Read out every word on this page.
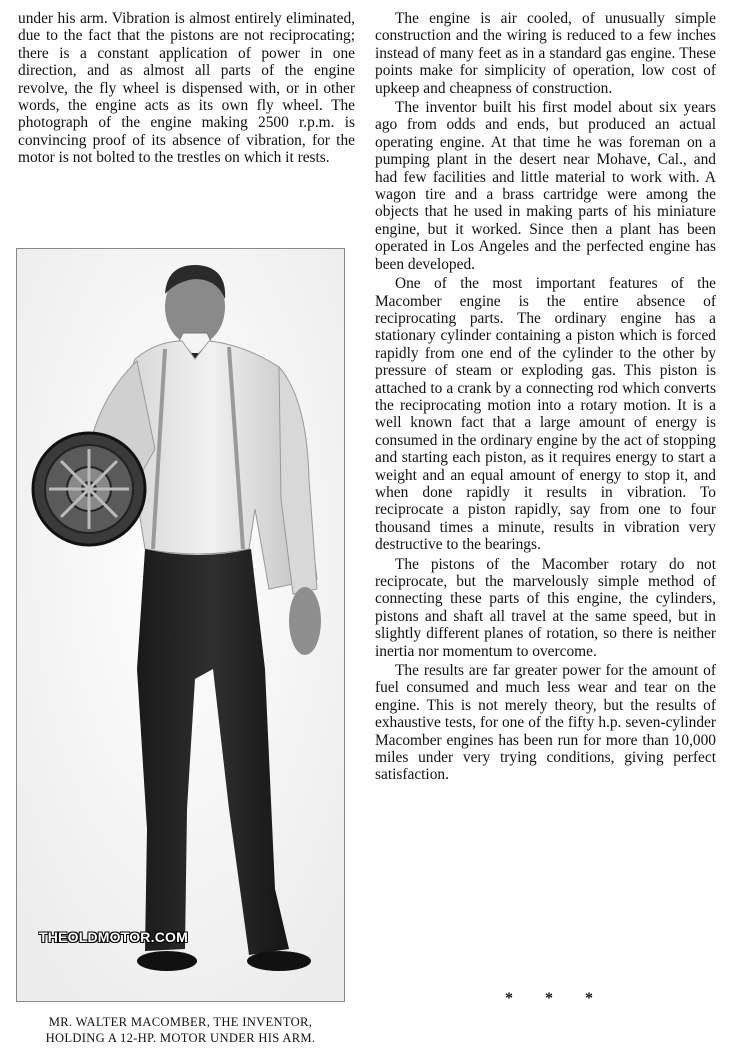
under his arm. Vibration is almost entirely eliminated, due to the fact that the pistons are not reciprocating; there is a constant application of power in one direction, and as almost all parts of the engine revolve, the fly wheel is dispensed with, or in other words, the engine acts as its own fly wheel. The photograph of the engine making 2500 r.p.m. is convincing proof of its absence of vibration, for the motor is not bolted to the trestles on which it rests.

THEOLDMOTOR.COM
MR. WALTER MACOMBER, THE INVENTOR,
HOLDING A 12-HP. MOTOR UNDER HIS ARM.

The engine is air cooled, of unusually simple construction and the wiring is reduced to a few inches instead of many feet as in a standard gas engine. These points make for simplicity of operation, low cost of upkeep and cheapness of construction.

The inventor built his first model about six years ago from odds and ends, but produced an actual operating engine. At that time he was foreman on a pumping plant in the desert near Mohave, Cal., and had few facilities and little material to work with. A wagon tire and a brass cartridge were among the objects that he used in making parts of his miniature engine, but it worked. Since then a plant has been operated in Los Angeles and the perfected engine has been developed.

One of the most important features of the Macomber engine is the entire absence of reciprocating parts. The ordinary engine has a stationary cylinder containing a piston which is forced rapidly from one end of the cylinder to the other by pressure of steam or exploding gas. This piston is attached to a crank by a connecting rod which converts the reciprocating motion into a rotary motion. It is a well known fact that a large amount of energy is consumed in the ordinary engine by the act of stopping and starting each piston, as it requires energy to start a weight and an equal amount of energy to stop it, and when done rapidly it results in vibration. To reciprocate a piston rapidly, say from one to four thousand times a minute, results in vibration very destructive to the bearings.

The pistons of the Macomber rotary do not reciprocate, but the marvelously simple method of connecting these parts of this engine, the cylinders, pistons and shaft all travel at the same speed, but in slightly different planes of rotation, so there is neither inertia nor momentum to overcome.

The results are far greater power for the amount of fuel consumed and much less wear and tear on the engine. This is not merely theory, but the results of exhaustive tests, for one of the fifty h.p. seven-cylinder Macomber engines has been run for more than 10,000 miles under very trying conditions, giving perfect satisfaction.

* * *
